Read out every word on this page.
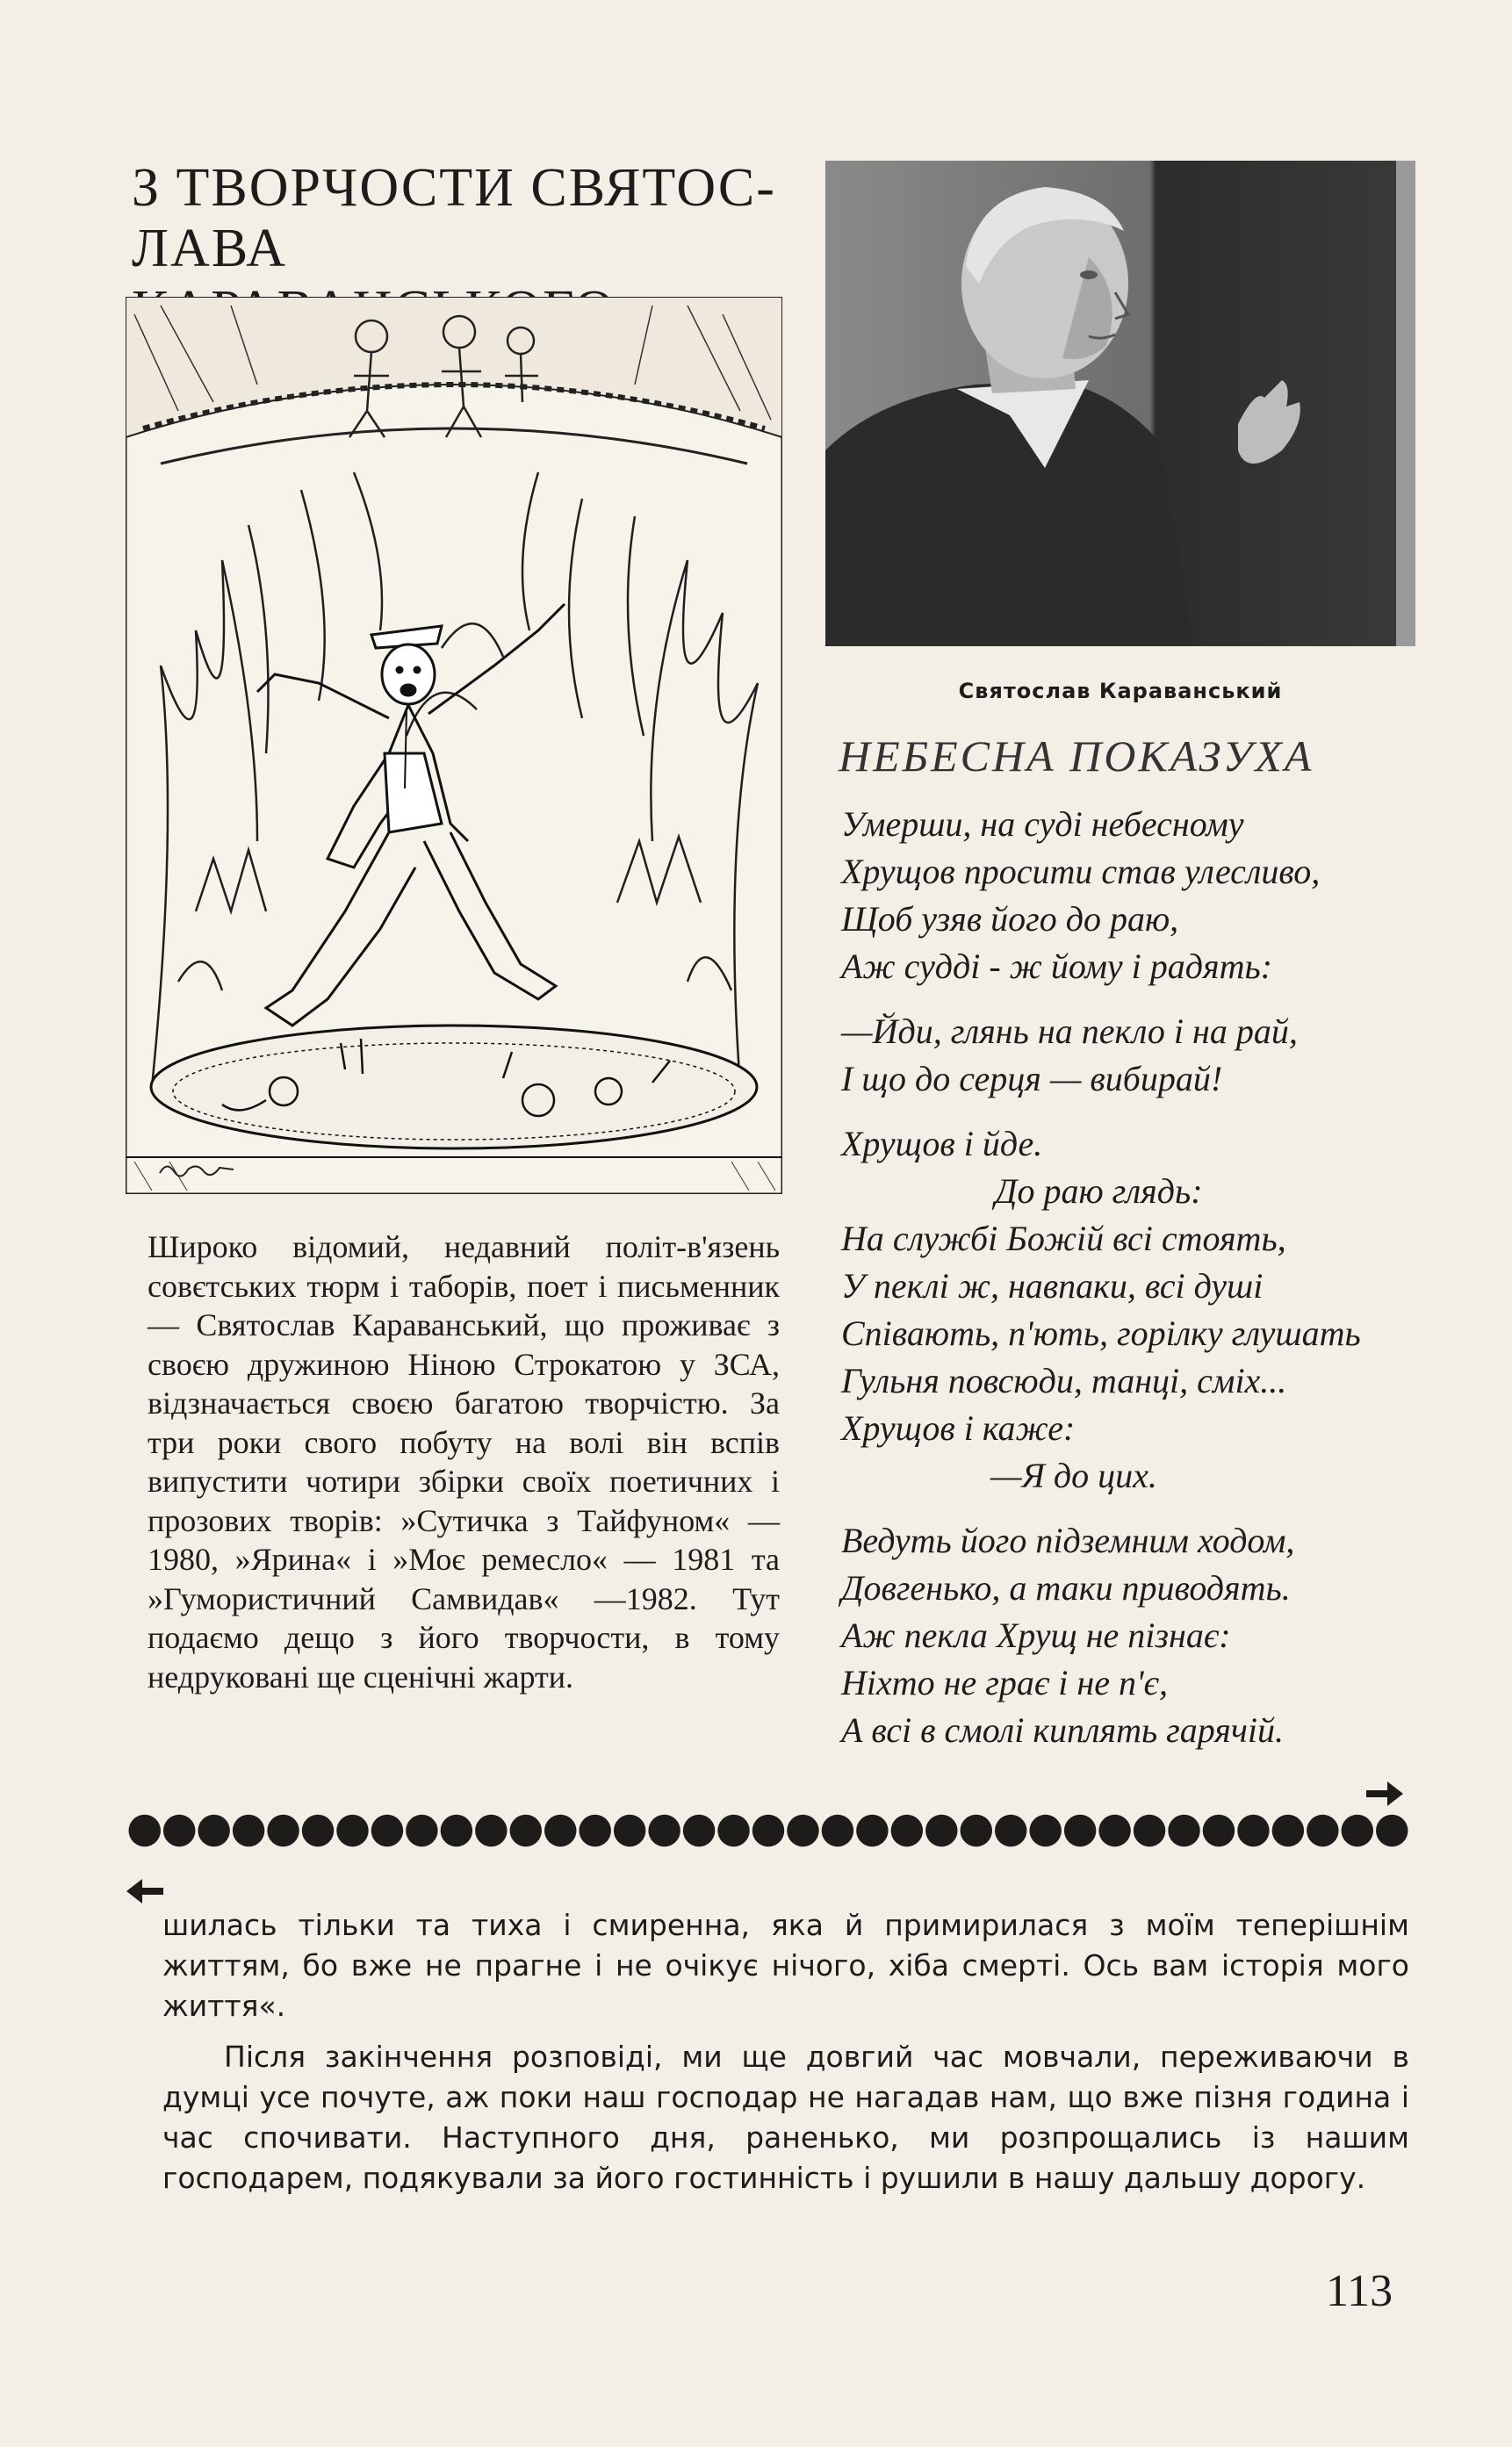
З ТВОРЧОСТИ СВЯТОС-
ЛАВА
Святослав Караванський
НЕБЕСНА ПОКАЗУХА
Умерши, на суді небесному
Хрущов просити став улесливо,
Щоб узяв його до раю,
Аж судді - ж йому і радять:
—Йди, глянь на пекло і на рай,
І що до серця — вибирай!
Хрущов і йде.
До раю глядь:
На службі Божій всі стоять,
У пеклі ж, навпаки, всі душі
Співають, п'ють, горілку глушать
Гульня повсюди, танці, сміх...
Хрущов і каже:
—Я до цих.
Ведуть його підземним ходом,
Довгенько, а таки приводять.
Аж пекла Хрущ не пізнає:
Ніхто не грає і не п'є,
А всі в смолі киплять гарячій.
Широко відомий, недавний політ-в'язень совєтських тюрм і таборів, поет і письменник — Святослав Караванський, що проживає з своєю дружиною Ніною Строкатою у ЗСА, відзначається своєю багатою творчістю. За три роки свого побуту на волі він вспів випустити чотири збірки своїх поетичних і прозових творів: »Сутичка з Тайфуном« — 1980, »Ярина« і »Моє ремесло« — 1981 та »Гумористичний Самвидав« —1982. Тут подаємо дещо з його творчости, в тому недруковані ще сценічні жарти.
шилась тільки та тиха і смиренна, яка й примирилася з моїм теперішнім життям, бо вже не прагне і не очікує нічого, хіба смерті. Ось вам історія мого життя«.
Після закінчення розповіді, ми ще довгий час мовчали, переживаючи в думці усе почуте, аж поки наш господар не нагадав нам, що вже пізня година і час спочивати. Наступного дня, раненько, ми розпрощались із нашим господарем, подякували за його гостинність і рушили в нашу дальшу дорогу.
113
